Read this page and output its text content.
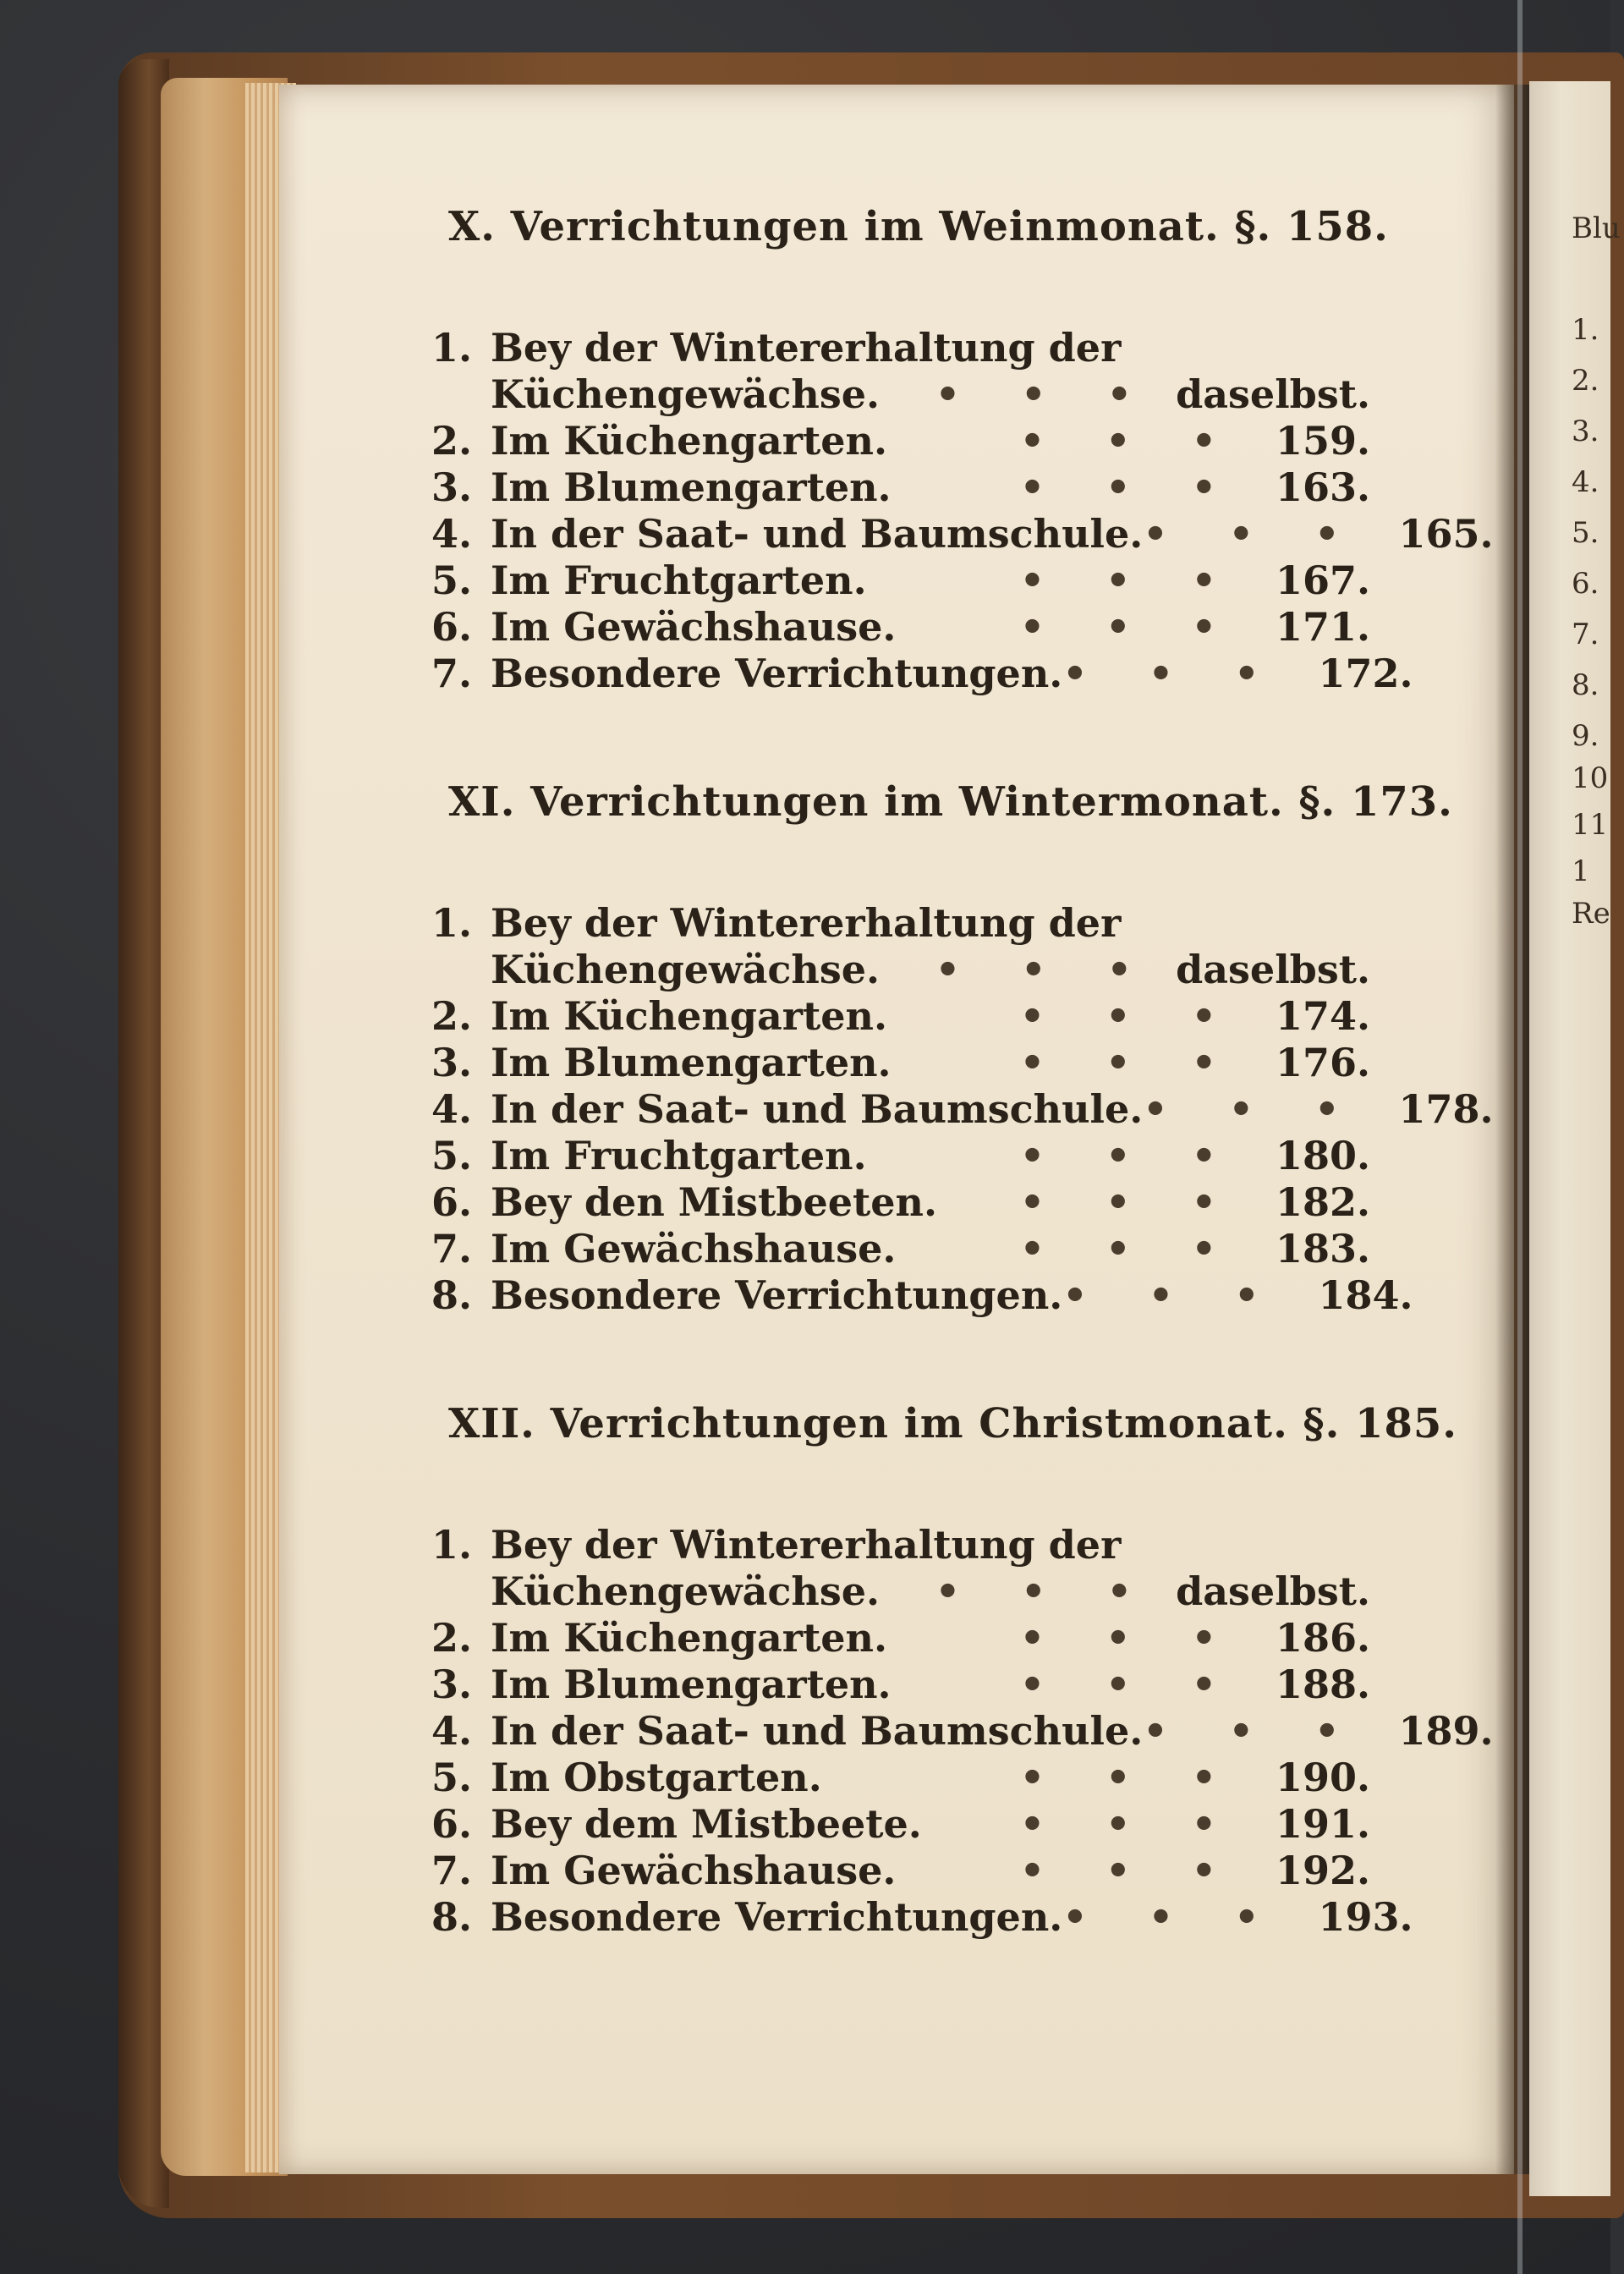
Blu
1.
2.
3.
4.
5.
6.
7.
8.
9.
10
11
1
Re
X. Verrichtungen im Weinmonat. §. 158.
1. Bey der Wintererhaltung der
Küchengewächse.	• • • daselbst.
2. Im Küchengarten.	• • • 159.
3. Im Blumengarten.	• • • 163.
4. In der Saat- und Baumschule. • • • 165.
5. Im Fruchtgarten.	• • • 167.
6. Im Gewächshause.	• • • 171.
7. Besondere Verrichtungen. • • • 172.
XI. Verrichtungen im Wintermonat. §. 173.
1. Bey der Wintererhaltung der
Küchengewächse.	• • • daselbst.
2. Im Küchengarten.	• • • 174.
3. Im Blumengarten.	• • • 176.
4. In der Saat- und Baumschule. • • • 178.
5. Im Fruchtgarten.	• • • 180.
6. Bey den Mistbeeten.	• • • 182.
7. Im Gewächshause.	• • • 183.
8. Besondere Verrichtungen. • • • 184.
XII. Verrichtungen im Christmonat. §. 185.
1. Bey der Wintererhaltung der
Küchengewächse.	• • • daselbst.
2. Im Küchengarten.	• • • 186.
3. Im Blumengarten.	• • • 188.
4. In der Saat- und Baumschule. • • • 189.
5. Im Obstgarten.	• • • 190.
6. Bey dem Mistbeete.	• • • 191.
7. Im Gewächshause.	• • • 192.
8. Besondere Verrichtungen. • • • 193.
